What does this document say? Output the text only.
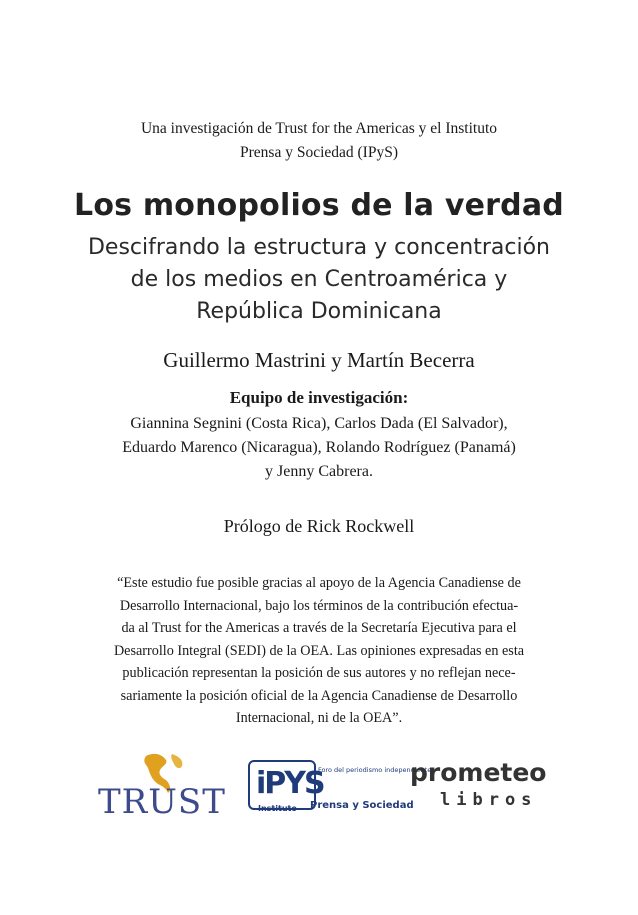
Una investigación de Trust for the Americas y el Instituto
Prensa y Sociedad (IPyS)
Los monopolios de la verdad
Descifrando la estructura y concentración
de los medios en Centroamérica y
República Dominicana
Guillermo Mastrini y Martín Becerra
Equipo de investigación:
Giannina Segnini (Costa Rica), Carlos Dada (El Salvador),
Eduardo Marenco (Nicaragua), Rolando Rodríguez (Panamá)
y Jenny Cabrera.
Prólogo de Rick Rockwell
“Este estudio fue posible gracias al apoyo de la Agencia Canadiense de
Desarrollo Internacional, bajo los términos de la contribución efectua-
da al Trust for the Americas a través de la Secretaría Ejecutiva para el
Desarrollo Integral (SEDI) de la OEA. Las opiniones expresadas en esta
publicación representan la posición de sus autores y no reflejan nece-
sariamente la posición oficial de la Agencia Canadiense de Desarrollo
Internacional, ni de la OEA”.
TRUST iPYS
Foro del periodismo independiente
Instituto Prensa y Sociedad
prometeo
libros
